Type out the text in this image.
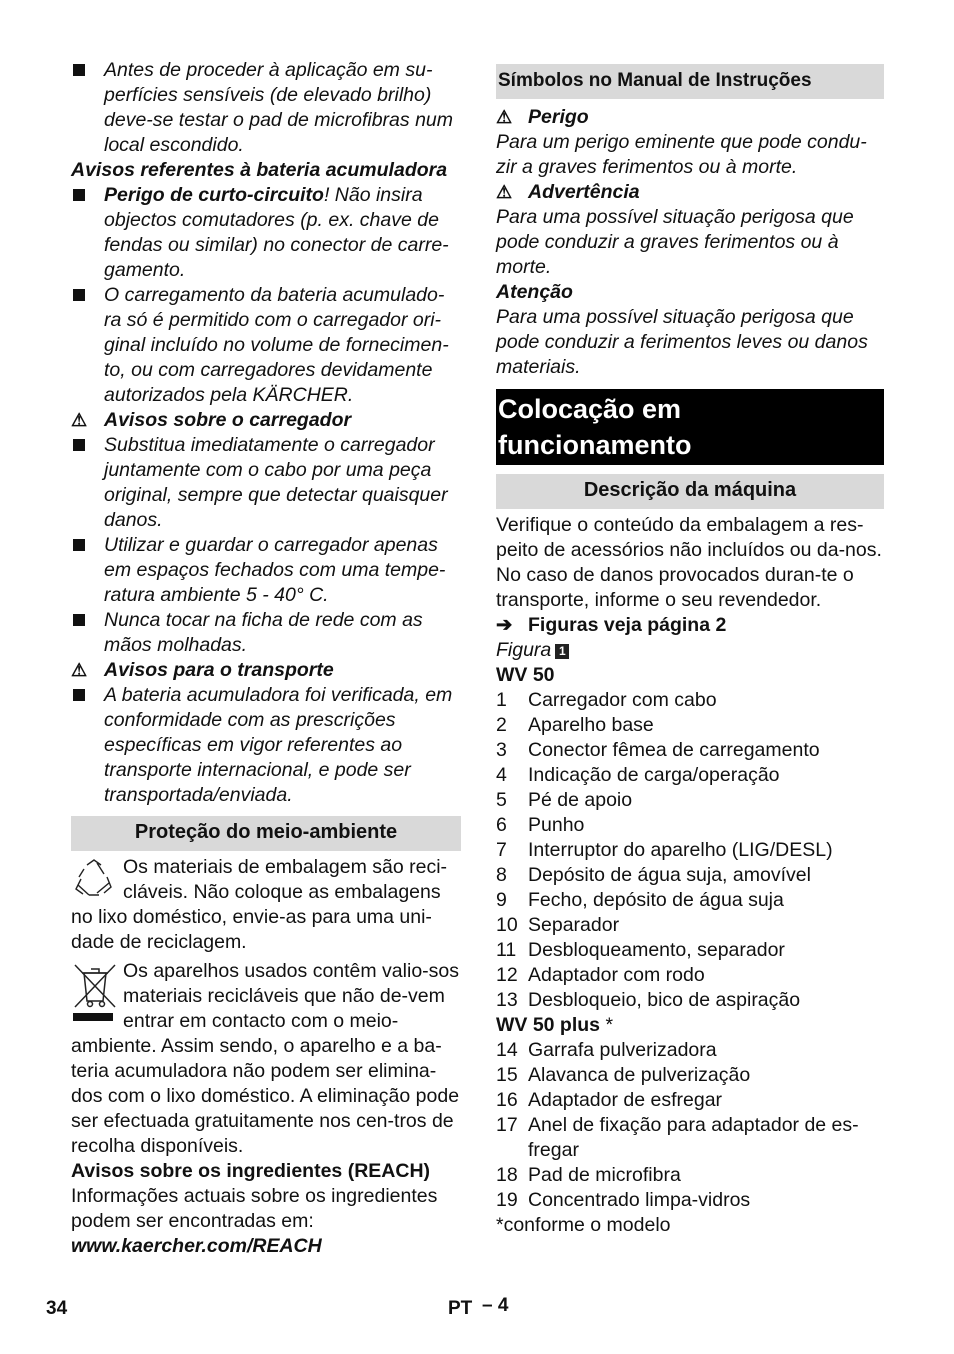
Antes de proceder à aplicação em su-perfícies sensíveis (de elevado brilho) deve-se testar o pad de microfibras num local escondido.

Avisos referentes à bateria acumuladora

Perigo de curto-circuito! Não insira objectos comutadores (p. ex. chave de fendas ou similar) no conector de carre-gamento.
O carregamento da bateria acumulado-ra só é permitido com o carregador ori-ginal incluído no volume de fornecimen-to, ou com carregadores devidamente autorizados pela KÄRCHER.
⚠ Avisos sobre o carregador
Substitua imediatamente o carregador juntamente com o cabo por uma peça original, sempre que detectar quaisquer danos.
Utilizar e guardar o carregador apenas em espaços fechados com uma tempe-ratura ambiente 5 - 40° C.
Nunca tocar na ficha de rede com as mãos molhadas.
⚠ Avisos para o transporte
A bateria acumuladora foi verificada, em conformidade com as prescrições específicas em vigor referentes ao transporte internacional, e pode ser transportada/enviada.
Proteção do meio-ambiente

Os materiais de embalagem são reci-cláveis. Não coloque as embalagens no lixo doméstico, envie-as para uma uni-dade de reciclagem.

Os aparelhos usados contêm valio-sos materiais recicláveis que não de-vem entrar em contacto com o meio-ambiente. Assim sendo, o aparelho e a ba-teria acumuladora não podem ser elimina-dos com o lixo doméstico. A eliminação pode ser efectuada gratuitamente nos cen-tros de recolha disponíveis.

Avisos sobre os ingredientes (REACH)

Informações actuais sobre os ingredientes podem ser encontradas em:

www.kaercher.com/REACH

Símbolos no Manual de Instruções
⚠ Perigo

Para um perigo eminente que pode condu-zir a graves ferimentos ou à morte.

⚠ Advertência

Para uma possível situação perigosa que pode conduzir a graves ferimentos ou à morte.

Atenção

Para uma possível situação perigosa que pode conduzir a ferimentos leves ou danos materiais.

Colocação em funcionamento
Descrição da máquina

Verifique o conteúdo da embalagem a res-peito de acessórios não incluídos ou da-nos. No caso de danos provocados duran-te o transporte, informe o seu revendedor.

➔ Figuras veja página 2

Figura 1

WV 50

1	Carregador com cabo
2	Aparelho base
3	Conector fêmea de carregamento
4	Indicação de carga/operação
5	Pé de apoio
6	Punho
7	Interruptor do aparelho (LIG/DESL)
8	Depósito de água suja, amovível
9	Fecho, depósito de água suja
10 Separador
11 Desbloqueamento, separador
12 Adaptador com rodo
13 Desbloqueio, bico de aspiração

WV 50 plus *

14 Garrafa pulverizadora
15 Alavanca de pulverização
16 Adaptador de esfregar
17 Anel de fixação para adaptador de es-fregar
18 Pad de microfibra
19 Concentrado limpa-vidros

*conforme o modelo

34	PT – 4
